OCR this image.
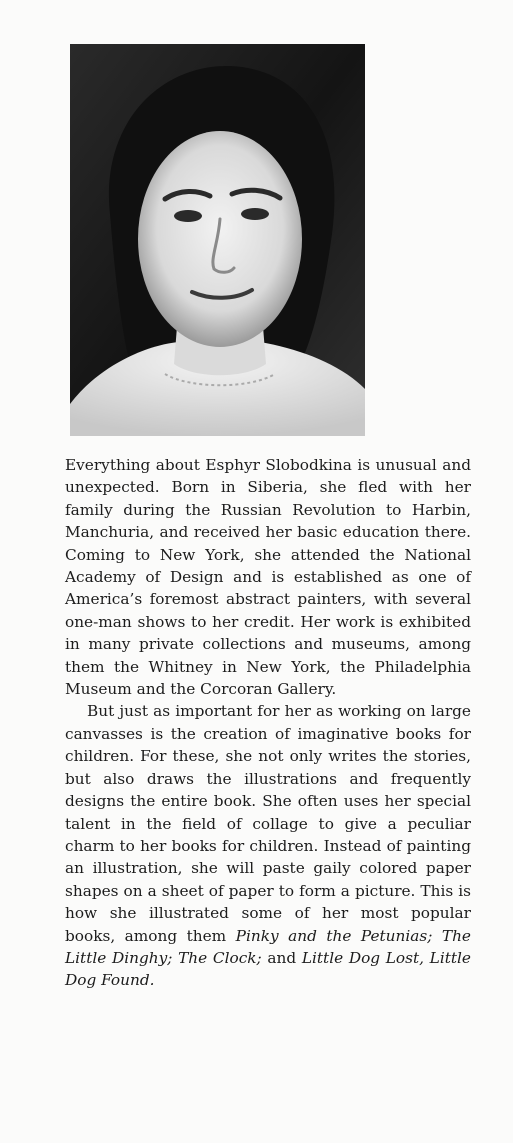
Everything about Esphyr Slobodkina is unusual and unexpected. Born in Siberia, she fled with her family during the Russian Revolution to Harbin, Manchuria, and received her basic education there. Coming to New York, she attended the National Academy of Design and is established as one of America’s foremost abstract painters, with several one-man shows to her credit. Her work is exhibited in many private collections and museums, among them the Whitney in New York, the Philadelphia Museum and the Corcoran Gallery.

But just as important for her as working on large canvasses is the creation of imaginative books for children. For these, she not only writes the stories, but also draws the illustrations and frequently designs the entire book. She often uses her special talent in the field of collage to give a peculiar charm to her books for children. Instead of painting an illustration, she will paste gaily colored paper shapes on a sheet of paper to form a picture. This is how she illustrated some of her most popular books, among them Pinky and the Petunias; The Little Dinghy; The Clock; and Little Dog Lost, Little Dog Found.
